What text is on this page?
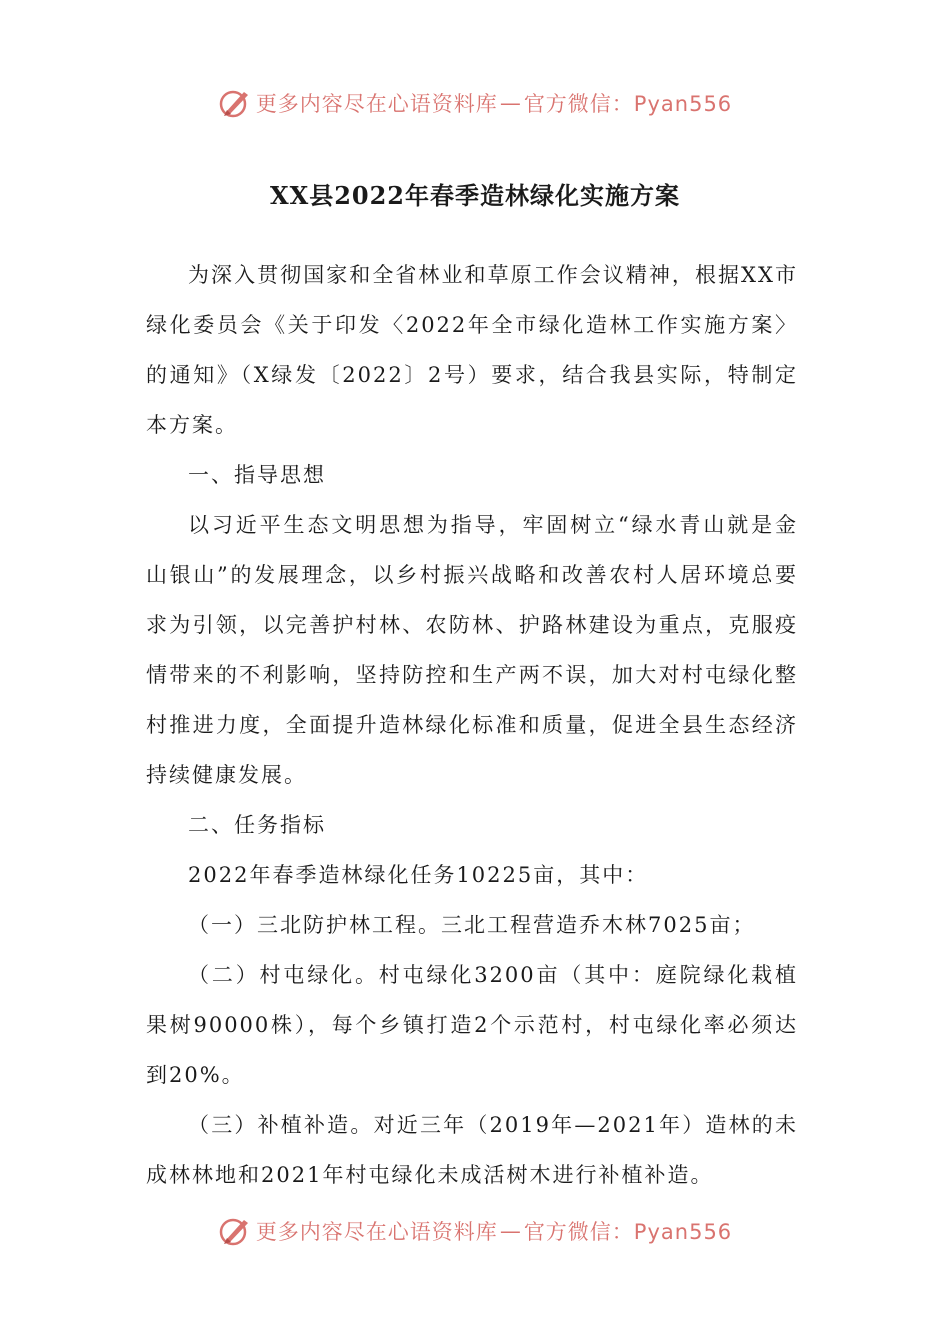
更多内容尽在心语资料库 — 官方微信：Pyan556
XX县2022年春季造林绿化实施方案

为深入贯彻国家和全省林业和草原工作会议精神，根据XX市绿化委员会《关于印发〈2022年全市绿化造林工作实施方案〉的通知》（X绿发〔2022〕2号）要求，结合我县实际，特制定本方案。

一、指导思想

以习近平生态文明思想为指导，牢固树立“绿水青山就是金山银山”的发展理念，以乡村振兴战略和改善农村人居环境总要求为引领，以完善护村林、农防林、护路林建设为重点，克服疫情带来的不利影响，坚持防控和生产两不误，加大对村屯绿化整村推进力度，全面提升造林绿化标准和质量，促进全县生态经济持续健康发展。

二、任务指标

2022年春季造林绿化任务10225亩，其中：

（一）三北防护林工程。三北工程营造乔木林7025亩；

（二）村屯绿化。村屯绿化3200亩（其中：庭院绿化栽植果树90000株），每个乡镇打造2个示范村，村屯绿化率必须达到20%。

（三）补植补造。对近三年（2019年—2021年）造林的未成林林地和2021年村屯绿化未成活树木进行补植补造。

更多内容尽在心语资料库 — 官方微信：Pyan556
